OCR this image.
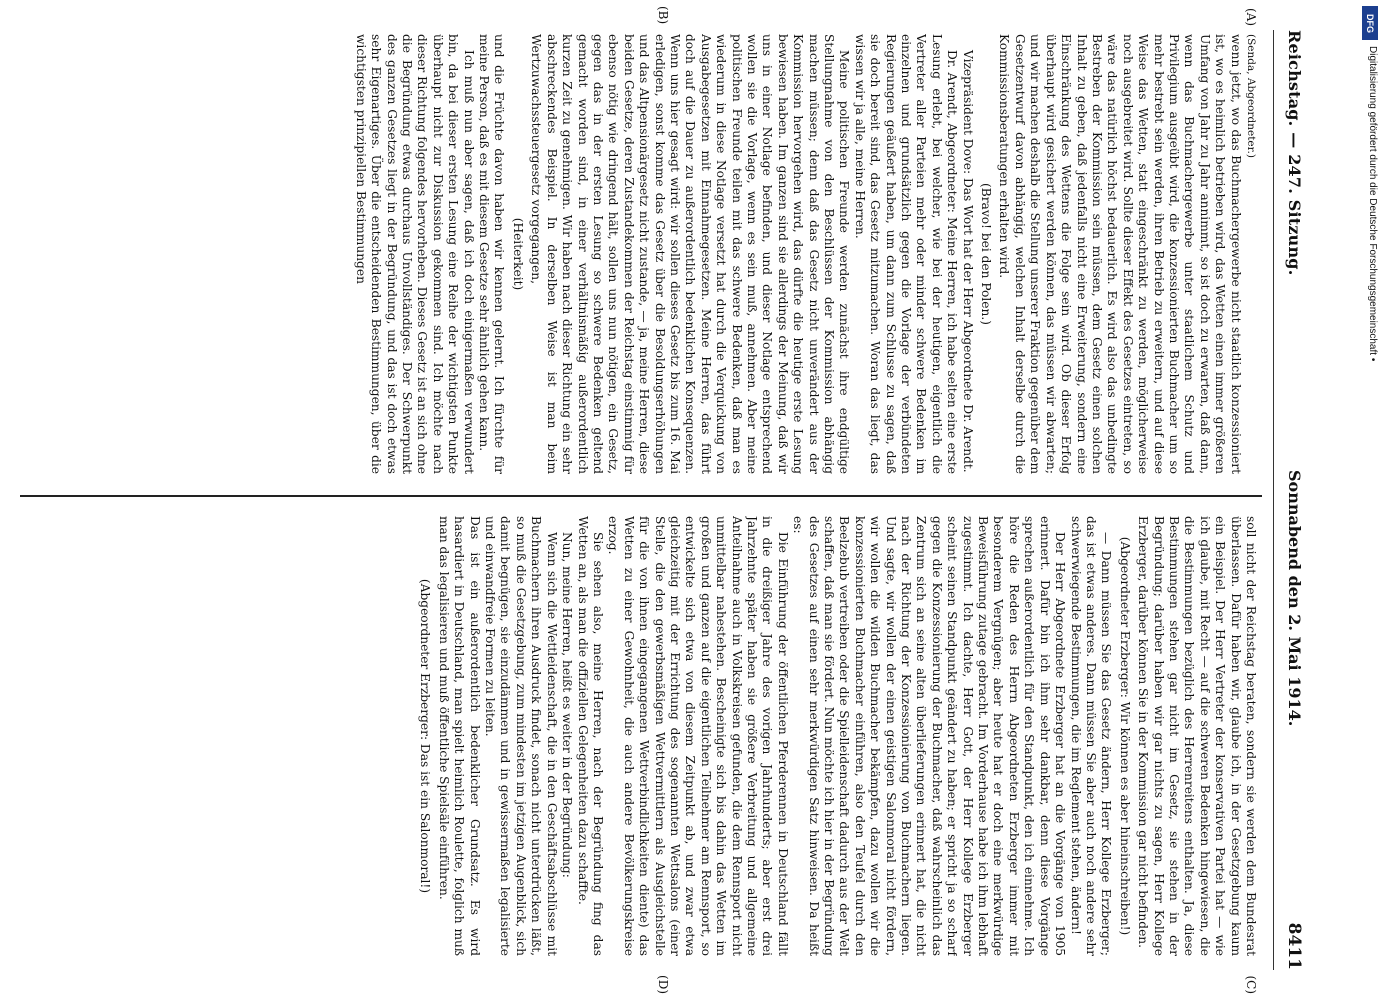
Reichstag. — 247. Sitzung.
Sonnabend den 2. Mai 1914.
8411
(A)
(B)
(C)
(D)

(Senda, Abgeordneter.)

wenn jetzt, wo das Buchmachergewerbe nicht staatlich konzessioniert ist, wo es heimlich betrieben wird, das Wetten einen immer größeren Umfang von Jahr zu Jahr annimmt, so ist doch zu erwarten, daß dann, wenn das Buchmachergewerbe unter staatlichem Schutz und Privilegium ausgeübt wird, die konzessionierten Buchmacher um so mehr bestrebt sein werden, ihren Betrieb zu erweitern, und auf diese Weise das Wetten, statt eingeschränkt zu werden, möglicherweise noch ausgebreitet wird. Sollte dieser Effekt des Gesetzes eintreten, so wäre das natürlich höchst bedauerlich. Es wird also das unbedingte Bestreben der Kommission sein müssen, dem Gesetz einen solchen Inhalt zu geben, daß jedenfalls nicht eine Erweiterung, sondern eine Einschränkung des Wettens die Folge sein wird. Ob dieser Erfolg überhaupt wird gesichert werden können, das müssen wir abwarten; und wir machen deshalb die Stellung unserer Fraktion gegenüber dem Gesetzentwurf davon abhängig, welchen Inhalt derselbe durch die Kommissionsberatungen erhalten wird.

(Bravo! bei den Polen.)

Vizepräsident Dove: Das Wort hat der Herr Abgeordnete Dr. Arendt.

Dr. Arendt, Abgeordneter: Meine Herren, ich habe selten eine erste Lesung erlebt, bei welcher, wie bei der heutigen, eigentlich die Vertreter aller Parteien mehr oder minder schwere Bedenken im einzelnen und grundsätzlich gegen die Vorlage der verbündeten Regierungen geäußert haben, um dann zum Schlusse zu sagen, daß sie doch bereit sind, das Gesetz mitzumachen. Woran das liegt, das wissen wir ja alle, meine Herren.

Meine politischen Freunde werden zunächst ihre endgültige Stellungnahme von den Beschlüssen der Kommission abhängig machen müssen; denn daß das Gesetz nicht unverändert aus der Kommission hervorgehen wird, das dürfte die heutige erste Lesung bewiesen haben. Im ganzen sind sie allerdings der Meinung, daß wir uns in einer Notlage befinden, und dieser Notlage entsprechend wollen sie die Vorlage, wenn es sein muß, annehmen. Aber meine politischen Freunde teilen mit das schwere Bedenken, daß man es wiederum in diese Notlage versetzt hat durch die Verquickung von Ausgabegesetzen mit Einnahmegesetzen. Meine Herren, das führt doch auf die Dauer zu außerordentlich bedenklichen Konsequenzen. Wenn uns hier gesagt wird: wir sollen dieses Gesetz bis zum 16. Mai erledigen, sonst komme das Gesetz über die Besoldungserhöhungen und das Altpensionärgesetz nicht zustande, — ja, meine Herren, diese beiden Gesetze, deren Zustandekommen der Reichstag einstimmig für ebenso nötig wie dringend hält, sollen uns nun nötigen, ein Gesetz, gegen das in der ersten Lesung so schwere Bedenken geltend gemacht worden sind, in einer verhältnismäßig außerordentlich kurzen Zeit zu genehmigen. Wir haben nach dieser Richtung ein sehr abschreckendes Beispiel. In derselben Weise ist man beim Wertzuwachssteuergesetz vorgegangen,

(Heiterkeit)

und die Früchte davon haben wir kennen gelernt. Ich fürchte für meine Person, daß es mit diesem Gesetze sehr ähnlich gehen kann.

Ich muß nun aber sagen, daß ich doch einigermaßen verwundert bin, da bei dieser ersten Lesung eine Reihe der wichtigsten Punkte überhaupt nicht zur Diskussion gekommen sind. Ich möchte nach dieser Richtung folgendes hervorheben. Dieses Gesetz ist an sich ohne die Begründung etwas durchaus Unvollständiges. Der Schwerpunkt des ganzen Gesetzes liegt in der Begründung, und das ist doch etwas sehr Eigenartiges. Über die entscheidenden Bestimmungen, über die wichtigsten prinzipiellen Bestimmungen

soll nicht der Reichstag beraten, sondern sie werden dem Bundesrat überlassen. Dafür haben wir, glaube ich, in der Gesetzgebung kaum ein Beispiel. Der Herr Vertreter der konservativen Partei hat — wie ich glaube, mit Recht — auf die schweren Bedenken hingewiesen, die die Bestimmungen bezüglich des Herrenreitens enthalten. Ja, diese Bestimmungen stehen gar nicht im Gesetz, sie stehen in der Begründung; darüber haben wir gar nichts zu sagen, Herr Kollege Erzberger, darüber können Sie in der Kommission gar nicht befinden.

(Abgeordneter Erzberger: Wir können es aber hineinschreiben!)

— Dann müssen Sie das Gesetz ändern, Herr Kollege Erzberger; das ist etwas anderes. Dann müssen Sie aber auch noch andere sehr schwerwiegende Bestimmungen, die im Reglement stehen, ändern!

Der Herr Abgeordnete Erzberger hat an die Vorgänge von 1905 erinnert. Dafür bin ich ihm sehr dankbar, denn diese Vorgänge sprechen außerordentlich für den Standpunkt, den ich einnehme. Ich höre die Reden des Herrn Abgeordneten Erzberger immer mit besonderem Vergnügen; aber heute hat er doch eine merkwürdige Beweisführung zutage gebracht. Im Vorderhause habe ich ihm lebhaft zugestimmt. Ich dachte, Herr Gott, der Herr Kollege Erzberger scheint seinen Standpunkt geändert zu haben; er spricht ja so scharf gegen die Konzessionierung der Buchmacher, daß wahrscheinlich das Zentrum sich an seine alten überlieferungen erinnert hat, die nicht nach der Richtung der Konzessionierung von Buchmachern liegen. Und sagte, wir wollen der einen geistigen Salonmoral nicht fördern, wir wollen die wilden Buchmacher bekämpfen, dazu wollen wir die konzessionierten Buchmacher einführen, also den Teufel durch den Beelzebub vertreiben oder die Spielleidenschaft dadurch aus der Welt schaffen, daß man sie fördert. Nun möchte ich hier in der Begründung des Gesetzes auf einen sehr merkwürdigen Satz hinweisen. Da heißt es:

Die Einführung der öffentlichen Pferderennen in Deutschland fällt in die dreißiger Jahre des vorigen Jahrhunderts; aber erst drei Jahrzehnte später haben sie größere Verbreitung und allgemeine Anteilnahme auch in Volkskreisen gefunden, die dem Rennsport nicht unmittelbar nahestehen. Bescheinigte sich bis dahin das Wetten im großen und ganzen auf die eigentlichen Teilnehmer am Rennsport, so entwickelte sich etwa von diesem Zeitpunkt ab, und zwar etwa gleichzeitig mit der Errichtung des sogenannten Wettsalons (einer Stelle, die den gewerbsmäßigen Wettvermittlern als Ausgleichstelle für die von ihnen eingegangenen Wettverbindlichkeiten diente) das Wetten zu einer Gewohnheit, die auch andere Bevölkerungskreise erzog.

Sie sehen also, meine Herren, nach der Begründung fing das Wetten an, als man die offiziellen Gelegenheiten dazu schaffte.

Nun, meine Herren, heißt es weiter in der Begründung:

Wenn sich die Wettleidenschaft, die in den Geschäftsabschlüsse mit Buchmachern ihren Ausdruck findet, sonach nicht unterdrücken läßt, so muß die Gesetzgebung, zum mindesten im jetzigen Augenblick, sich damit begnügen, sie einzudämmen und in gewissermaßen legalisierte und einwandfreie Formen zu leiten.

Das ist ein außerordentlich bedenklicher Grundsatz. Es wird hasardiert in Deutschland, man spielt heimlich Roulette, folglich muß man das legalisieren und muß öffentliche Spielsäle einführen.

(Abgeordneter Erzberger: Das ist ein Salonmoral!)

DFG
Digitalisierung gefördert durch die Deutsche Forschungsgemeinschaft •
